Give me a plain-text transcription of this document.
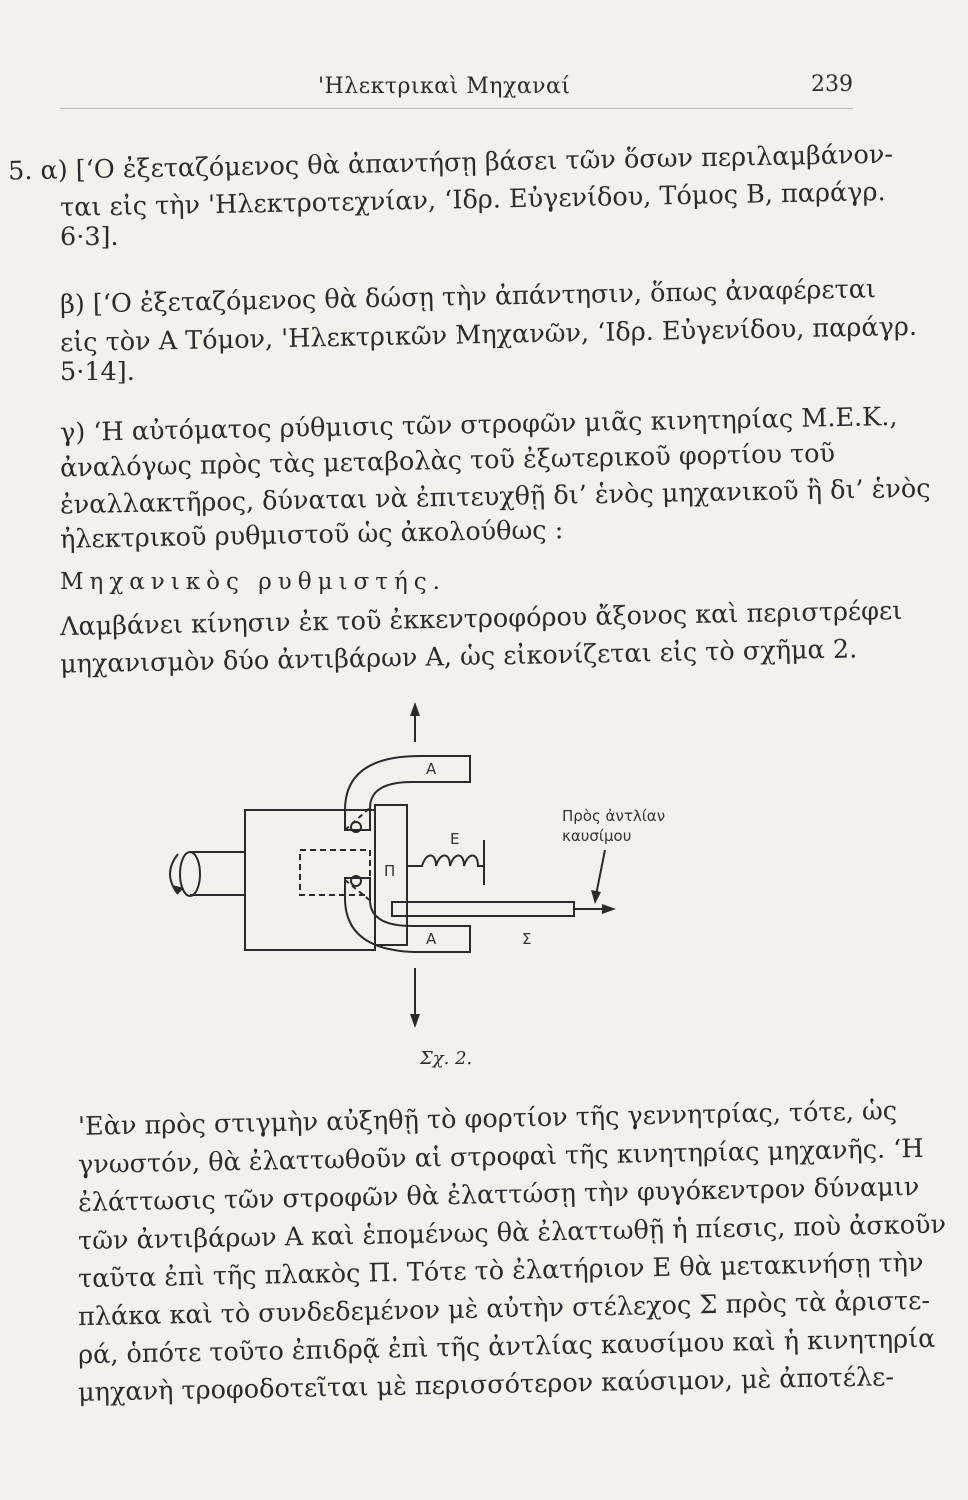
'Ηλεκτρικαὶ Μηχαναί	239
5. α) [‘Ο ἐξεταζόμενος θὰ ἀπαντήσῃ βάσει τῶν ὅσων περιλαμβάνον-
ται εἰς τὴν 'Ηλεκτροτεχνίαν, ‘Ιδρ. Εὐγενίδου, Τόμος Β, παράγρ.
6·3].
β) [‘Ο ἐξεταζόμενος θὰ δώσῃ τὴν ἀπάντησιν, ὅπως ἀναφέρεται
εἰς τὸν Α Τόμον, 'Ηλεκτρικῶν Μηχανῶν, ‘Ιδρ. Εὐγενίδου, παράγρ.
5·14].
γ) ‘Η αὐτόματος ρύθμισις τῶν στροφῶν μιᾶς κινητηρίας Μ.Ε.Κ.,
ἀναλόγως πρὸς τὰς μεταβολὰς τοῦ ἐξωτερικοῦ φορτίου τοῦ
ἐναλλακτῆρος, δύναται νὰ ἐπιτευχθῇ δι’ ἑνὸς μηχανικοῦ ἢ δι’ ἑνὸς
ἠλεκτρικοῦ ρυθμιστοῦ ὡς ἀκολούθως :
Μηχανικὸς ρυθμιστής.
Λαμβάνει κίνησιν ἐκ τοῦ ἐκκεντροφόρου ἄξονος καὶ περιστρέφει
μηχανισμὸν δύο ἀντιβάρων Α, ὡς εἰκονίζεται εἰς τὸ σχῆμα 2.
Α
Ε
Π
Σ
Α
Πρὸς ἀντλίαν
καυσίμου
Σχ. 2.
'Εὰν πρὸς στιγμὴν αὐξηθῇ τὸ φορτίον τῆς γεννητρίας, τότε, ὡς
γνωστόν, θὰ ἐλαττωθοῦν αἱ στροφαὶ τῆς κινητηρίας μηχανῆς. ‘Η
ἐλάττωσις τῶν στροφῶν θὰ ἐλαττώσῃ τὴν φυγόκεντρον δύναμιν
τῶν ἀντιβάρων Α καὶ ἑπομένως θὰ ἐλαττωθῇ ἡ πίεσις, ποὺ ἀσκοῦν
ταῦτα ἐπὶ τῆς πλακὸς Π. Τότε τὸ ἐλατήριον Ε θὰ μετακινήσῃ τὴν
πλάκα καὶ τὸ συνδεδεμένον μὲ αὐτὴν στέλεχος Σ πρὸς τὰ ἀριστε-
ρά, ὁπότε τοῦτο ἐπιδρᾷ ἐπὶ τῆς ἀντλίας καυσίμου καὶ ἡ κινητηρία
μηχανὴ τροφοδοτεῖται μὲ περισσότερον καύσιμον, μὲ ἀποτέλε-
